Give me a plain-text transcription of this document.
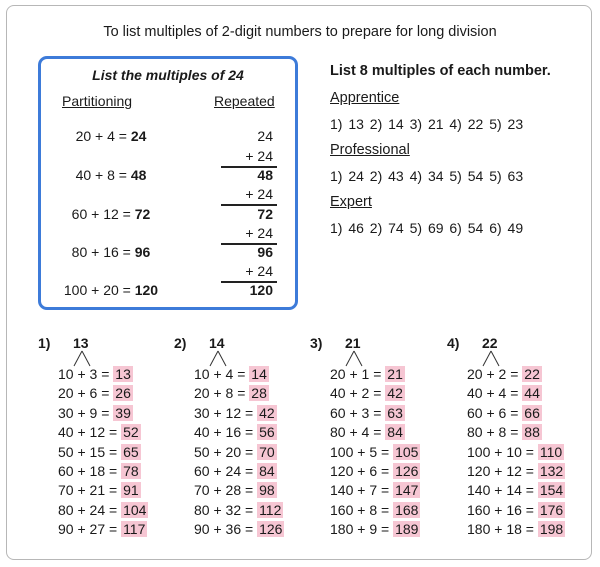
To list multiples of 2-digit numbers to prepare for long division
List the multiples of 24
Partitioning	Repeated
20 + 4 = 24
40 + 8 = 48
60 + 12 = 72
80 + 16 = 96
100 + 20 = 120
24
+ 24
48
+ 24
72
+ 24
96
+ 24
120
List 8 multiples of each number.
Apprentice
1) 13 2) 14 3) 21 4) 22 5) 23
Professional
1) 24 2) 43 4) 34 5) 54 5) 63
Expert
1) 46 2) 74 5) 69 6) 54 6) 49
1) 13
10 + 3 = 13
20 + 6 = 26
30 + 9 = 39
40 + 12 = 52
50 + 15 = 65
60 + 18 = 78
70 + 21 = 91
80 + 24 = 104
90 + 27 = 117
2) 14
10 + 4 = 14
20 + 8 = 28
30 + 12 = 42
40 + 16 = 56
50 + 20 = 70
60 + 24 = 84
70 + 28 = 98
80 + 32 = 112
90 + 36 = 126
3) 21
20 + 1 = 21
40 + 2 = 42
60 + 3 = 63
80 + 4 = 84
100 + 5 = 105
120 + 6 = 126
140 + 7 = 147
160 + 8 = 168
180 + 9 = 189
4) 22
20 + 2 = 22
40 + 4 = 44
60 + 6 = 66
80 + 8 = 88
100 + 10 = 110
120 + 12 = 132
140 + 14 = 154
160 + 16 = 176
180 + 18 = 198
